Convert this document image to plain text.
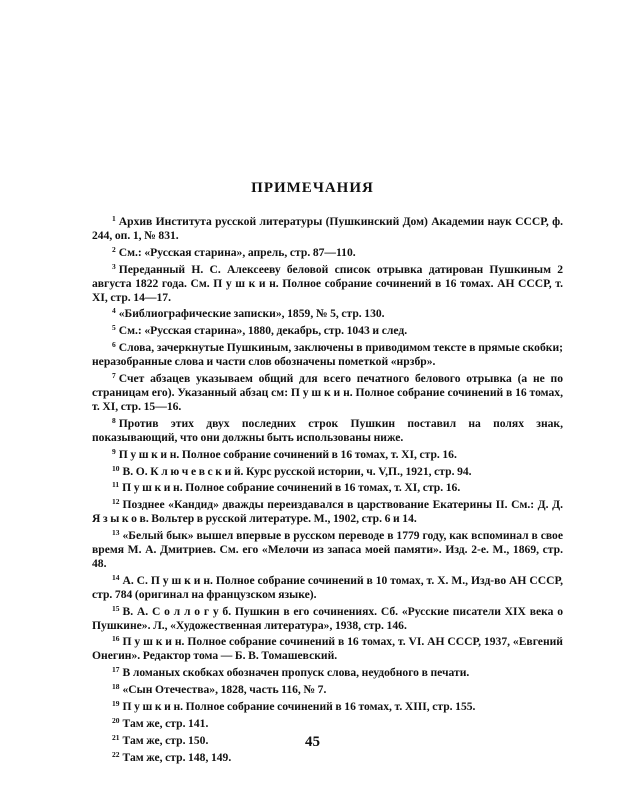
ПРИМЕЧАНИЯ

$^1$ Архив Института русской литературы (Пушкинский Дом) Академии наук СССР, ф. 244, оп. 1, № 831.

$^2$ См.: «Русская старина», апрель, стр. 87—110.

$^3$ Переданный Н. С. Алексееву беловой список отрывка датирован Пушкиным 2 августа 1822 года. См. П у ш к и н. Полное собрание сочинений в 16 томах. АН СССР, т. XI, стр. 14—17.

$^4$ «Библиографические записки», 1859, № 5, стр. 130.

$^5$ См.: «Русская старина», 1880, декабрь, стр. 1043 и след.

$^6$ Слова, зачеркнутые Пушкиным, заключены в приводимом тексте в прямые скобки; неразобранные слова и части слов обозначены пометкой «нрзбр».

$^7$ Счет абзацев указываем общий для всего печатного белового отрывка (а не по страницам его). Указанный абзац см: П у ш к и н. Полное собрание сочинений в 16 томах, т. XI, стр. 15—16.

$^8$ Против этих двух последних строк Пушкин поставил на полях знак, показывающий, что они должны быть использованы ниже.

$^9$ П у ш к и н. Полное собрание сочинений в 16 томах, т. XI, стр. 16.

$^{10}$ В. О. К л ю ч е в с к и й. Курс русской истории, ч. V,П., 1921, стр. 94.

$^{11}$ П у ш к и н. Полное собрание сочинений в 16 томах, т. XI, стр. 16.

$^{12}$ Позднее «Кандид» дважды переиздавался в царствование Екатерины II. См.: Д. Д. Я з ы к о в. Вольтер в русской литературе. М., 1902, стр. 6 и 14.

$^{13}$ «Белый бык» вышел впервые в русском переводе в 1779 году, как вспоминал в свое время М. А. Дмитриев. См. его «Мелочи из запаса моей памяти». Изд. 2-е. М., 1869, стр. 48.

$^{14}$ А. С. П у ш к и н. Полное собрание сочинений в 10 томах, т. Х. М., Изд-во АН СССР, стр. 784 (оригинал на французском языке).

$^{15}$ В. А. С о л л о г у б. Пушкин в его сочинениях. Сб. «Русские писатели XIX века о Пушкине». Л., «Художественная литература», 1938, стр. 146.

$^{16}$ П у ш к и н. Полное собрание сочинений в 16 томах, т. VI. АН СССР, 1937, «Евгений Онегин». Редактор тома — Б. В. Томашевский.

$^{17}$ В ломаных скобках обозначен пропуск слова, неудобного в печати.

$^{18}$ «Сын Отечества», 1828, часть 116, № 7.

$^{19}$ П у ш к и н. Полное собрание сочинений в 16 томах, т. XIII, стр. 155.

$^{20}$ Там же, стр. 141.

$^{21}$ Там же, стр. 150.

$^{22}$ Там же, стр. 148, 149.

45
